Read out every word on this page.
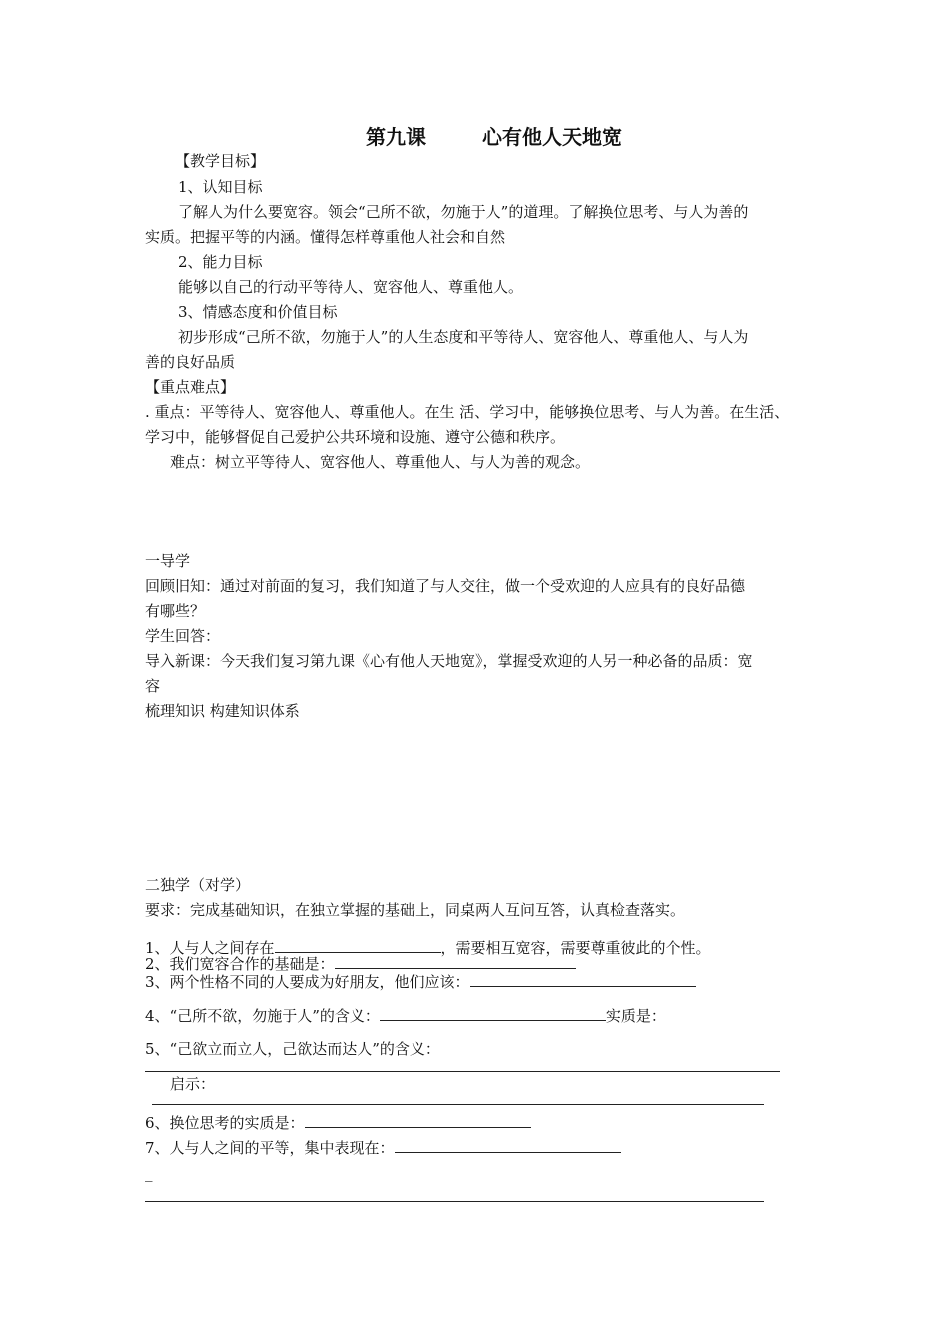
第九课	心有他人天地宽
【教学目标】
1、认知目标
了解人为什么要宽容。领会“己所不欲，勿施于人”的道理。了解换位思考、与人为善的
实质。把握平等的内涵。懂得怎样尊重他人社会和自然
2、能力目标
能够以自己的行动平等待人、宽容他人、尊重他人。
3、情感态度和价值目标
初步形成“己所不欲，勿施于人”的人生态度和平等待人、宽容他人、尊重他人、与人为
善的良好品质
【重点难点】
. 重点：平等待人、宽容他人、尊重他人。在生 活、学习中，能够换位思考、与人为善。在生活、
学习中，能够督促自己爱护公共环境和设施、遵守公德和秩序。
难点：树立平等待人、宽容他人、尊重他人、与人为善的观念。
一导学
回顾旧知：通过对前面的复习，我们知道了与人交往，做一个受欢迎的人应具有的良好品德
有哪些？
学生回答：
导入新课：今天我们复习第九课《心有他人天地宽》，掌握受欢迎的人另一种必备的品质：宽
容
梳理知识 构建知识体系
二独学（对学）
要求：完成基础知识，在独立掌握的基础上，同桌两人互问互答，认真检查落实。
1、人与人之间存在	，需要相互宽容，需要尊重彼此的个性。
2、我们宽容合作的基础是：
3、两个性格不同的人要成为好朋友，他们应该：
4、“己所不欲，勿施于人”的含义：	实质是：
5、“己欲立而立人，己欲达而达人”的含义：
启示：
6、换位思考的实质是：
7、人与人之间的平等，集中表现在：
_
